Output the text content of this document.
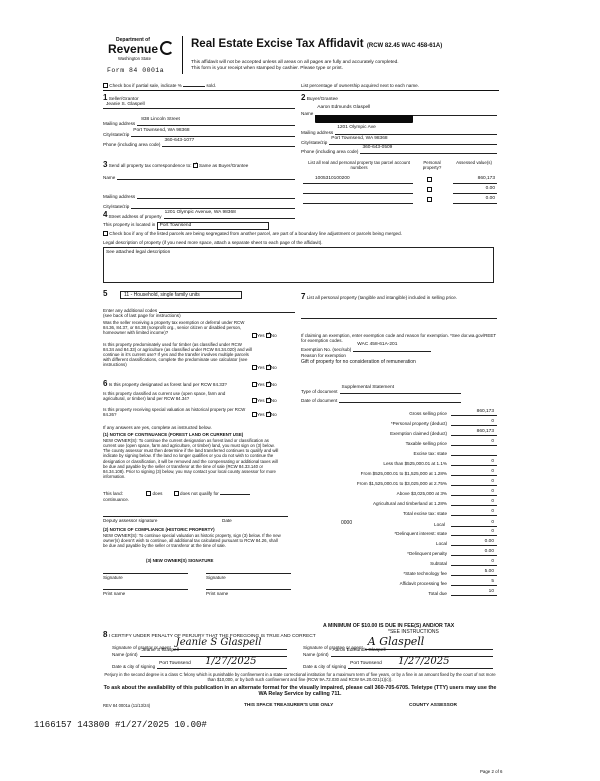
Department of
Revenue
Washington State
Form 84 0001a
Real Estate Excise Tax Affidavit (RCW 82.45 WAC 458-61A)
This affidavit will not be accepted unless all areas on all pages are fully and accurately completed.
This form is your receipt when stamped by cashier. Please type or print.
Check box if partial sale, indicate %	sold.	List percentage of ownership acquired next to each name.
1 Seller/Grantor
Jeanie S. Glaspell
Mailing address
838 Lincoln Street
City/state/zip
Port Townsend, WA 98368
Phone (including area code)
360-643-1077
2 Buyer/Grantee
Name
Aaron Edmunds Glaspell
Mailing address
1201 Olympic Ave
City/state/zip
Port Townsend, WA 98368
Phone (including area code)
360-643-0509
3 Send all property tax correspondence to: ✓ Same as Buyer/Grantee
Name
Mailing address
City/state/zip
List all real and personal property tax parcel account numbers
Personal property?
Assessed value(s)
1005310100200	860,173
0.00
0.00
4 Street address of property
1201 Olympic Avenue, WA 98368
This property is located in Port Townsend
Check box if any of the listed parcels are being segregated from another parcel, are part of a boundary line adjustment or parcels being merged.
Legal description of property (if you need more space, attach a separate sheet to each page of the affidavit).
See attached legal description
5	11 - Household, single family units
Enter any additional codes
(see back of last page for instructions)
Was the seller receiving a property tax exemption or deferral under RCW 84.36, 84.37, or 84.38 (nonprofit org., senior citizen or disabled person, homeowner with limited income)?
Yes ✓ No
Is this property predominately used for timber (as classified under RCW 84.34 and 84.33) or agriculture (as classified under RCW 84.34.020) and will continue in it's current use? If yes and the transfer involves multiple parcels with different classifications, complete the predominate use calculator (see instructions)
Yes ✓ No
6 Is this property designated as forest land per RCW 84.33?	Yes ✓ No
Is this property classified as current use (open space, farm and agricultural, or timber) land per RCW 84.34?	Yes ✓ No
Is this property receiving special valuation as historical property per RCW 84.26?	Yes ✓ No
If any answers are yes, complete as instructed below.
(1) NOTICE OF CONTINUANCE (FOREST LAND OR CURRENT USE)
NEW OWNER(S): To continue the current designation as forest land or classification as current use (open space, farm and agriculture, or timber) land, you must sign on (3) below. The county assessor must then determine if the land transferred continues to qualify and will indicate by signing below. If the land no longer qualifies or you do not wish to continue the designation or classification, it will be removed and the compensating or additional taxes will be due and payable by the seller or transferor at the time of sale (RCW 84.33.140 or 84.34.108). Prior to signing (3) below, you may contact your local county assessor for more information.
This land:	does	does not qualify for
continuance.
Deputy assessor signature	Date
(2) NOTICE OF COMPLIANCE (HISTORIC PROPERTY)
NEW OWNER(S): To continue special valuation as historic property, sign (3) below. If the new owner(s) doesn't wish to continue, all additional tax calculated pursuant to RCW 84.26, shall be due and payable by the seller or transferor at the time of sale.
(3) NEW OWNER(S) SIGNATURE
Signature	Signature
Print name	Print name
7 List all personal property (tangible and intangible) included in selling price.
If claiming an exemption, enter exemption code and reason for exemption. *See dor.wa.gov/REET for exemption codes.
Exemption No. (sec/sub)
WAC 458-61A-201
Reason for exemption
Gift of property for no consideration of remuneration
Type of document
Supplemental Statement
Date of document
Gross selling price	860,173
*Personal property (deduct)	0
Exemption claimed (deduct)	860,173
Taxable selling price	0
Excise tax: state
Less than $525,000.01 at 1.1%	0
From $525,000.01 to $1,525,000 at 1.28%	0
From $1,525,000.01 to $3,025,000 at 2.75%	0
Above $3,025,000 at 3%	0
Agricultural and timberland at 1.28%	0
Total excise tax: state	0
0000	Local	0
*Delinquent interest: state	0
Local	0.00
*Delinquent penalty	0.00
Subtotal	0
*State technology fee	5.00
Affidavit processing fee	5
Total due	10
A MINIMUM OF $10.00 IS DUE IN FEE(S) AND/OR TAX
*SEE INSTRUCTIONS
8 I CERTIFY UNDER PENALTY OF PERJURY THAT THE FOREGOING IS TRUE AND CORRECT
Signature of grantor or agent Jeanie S Glaspell
Name (print)
Jeanie S Glaspell
Date & city of signing
Port Townsend 1/27/2025
Signature of grantee or agent A Glaspell
Name (print)
Aaron Edmunds Glaspell
Date & city of signing
Port Townsend 1/27/2025
Perjury in the second degree is a class C felony which is punishable by confinement in a state correctional institution for a maximum term of five years, or by a fine in an amount fixed by the court of not more than $10,000, or by both such confinement and fine (RCW 9A.72.030 and RCW 9A.20.021(1)(c)).
To ask about the availability of this publication in an alternate format for the visually impaired, please call 360-705-6705. Teletype (TTY) users may use the WA Relay Service by calling 711.
REV 84 0001a (11/13/24)	THIS SPACE TREASURER'S USE ONLY	COUNTY ASSESSOR
1166157 143800 #1/27/2025 10.00#
Page 2 of 6
